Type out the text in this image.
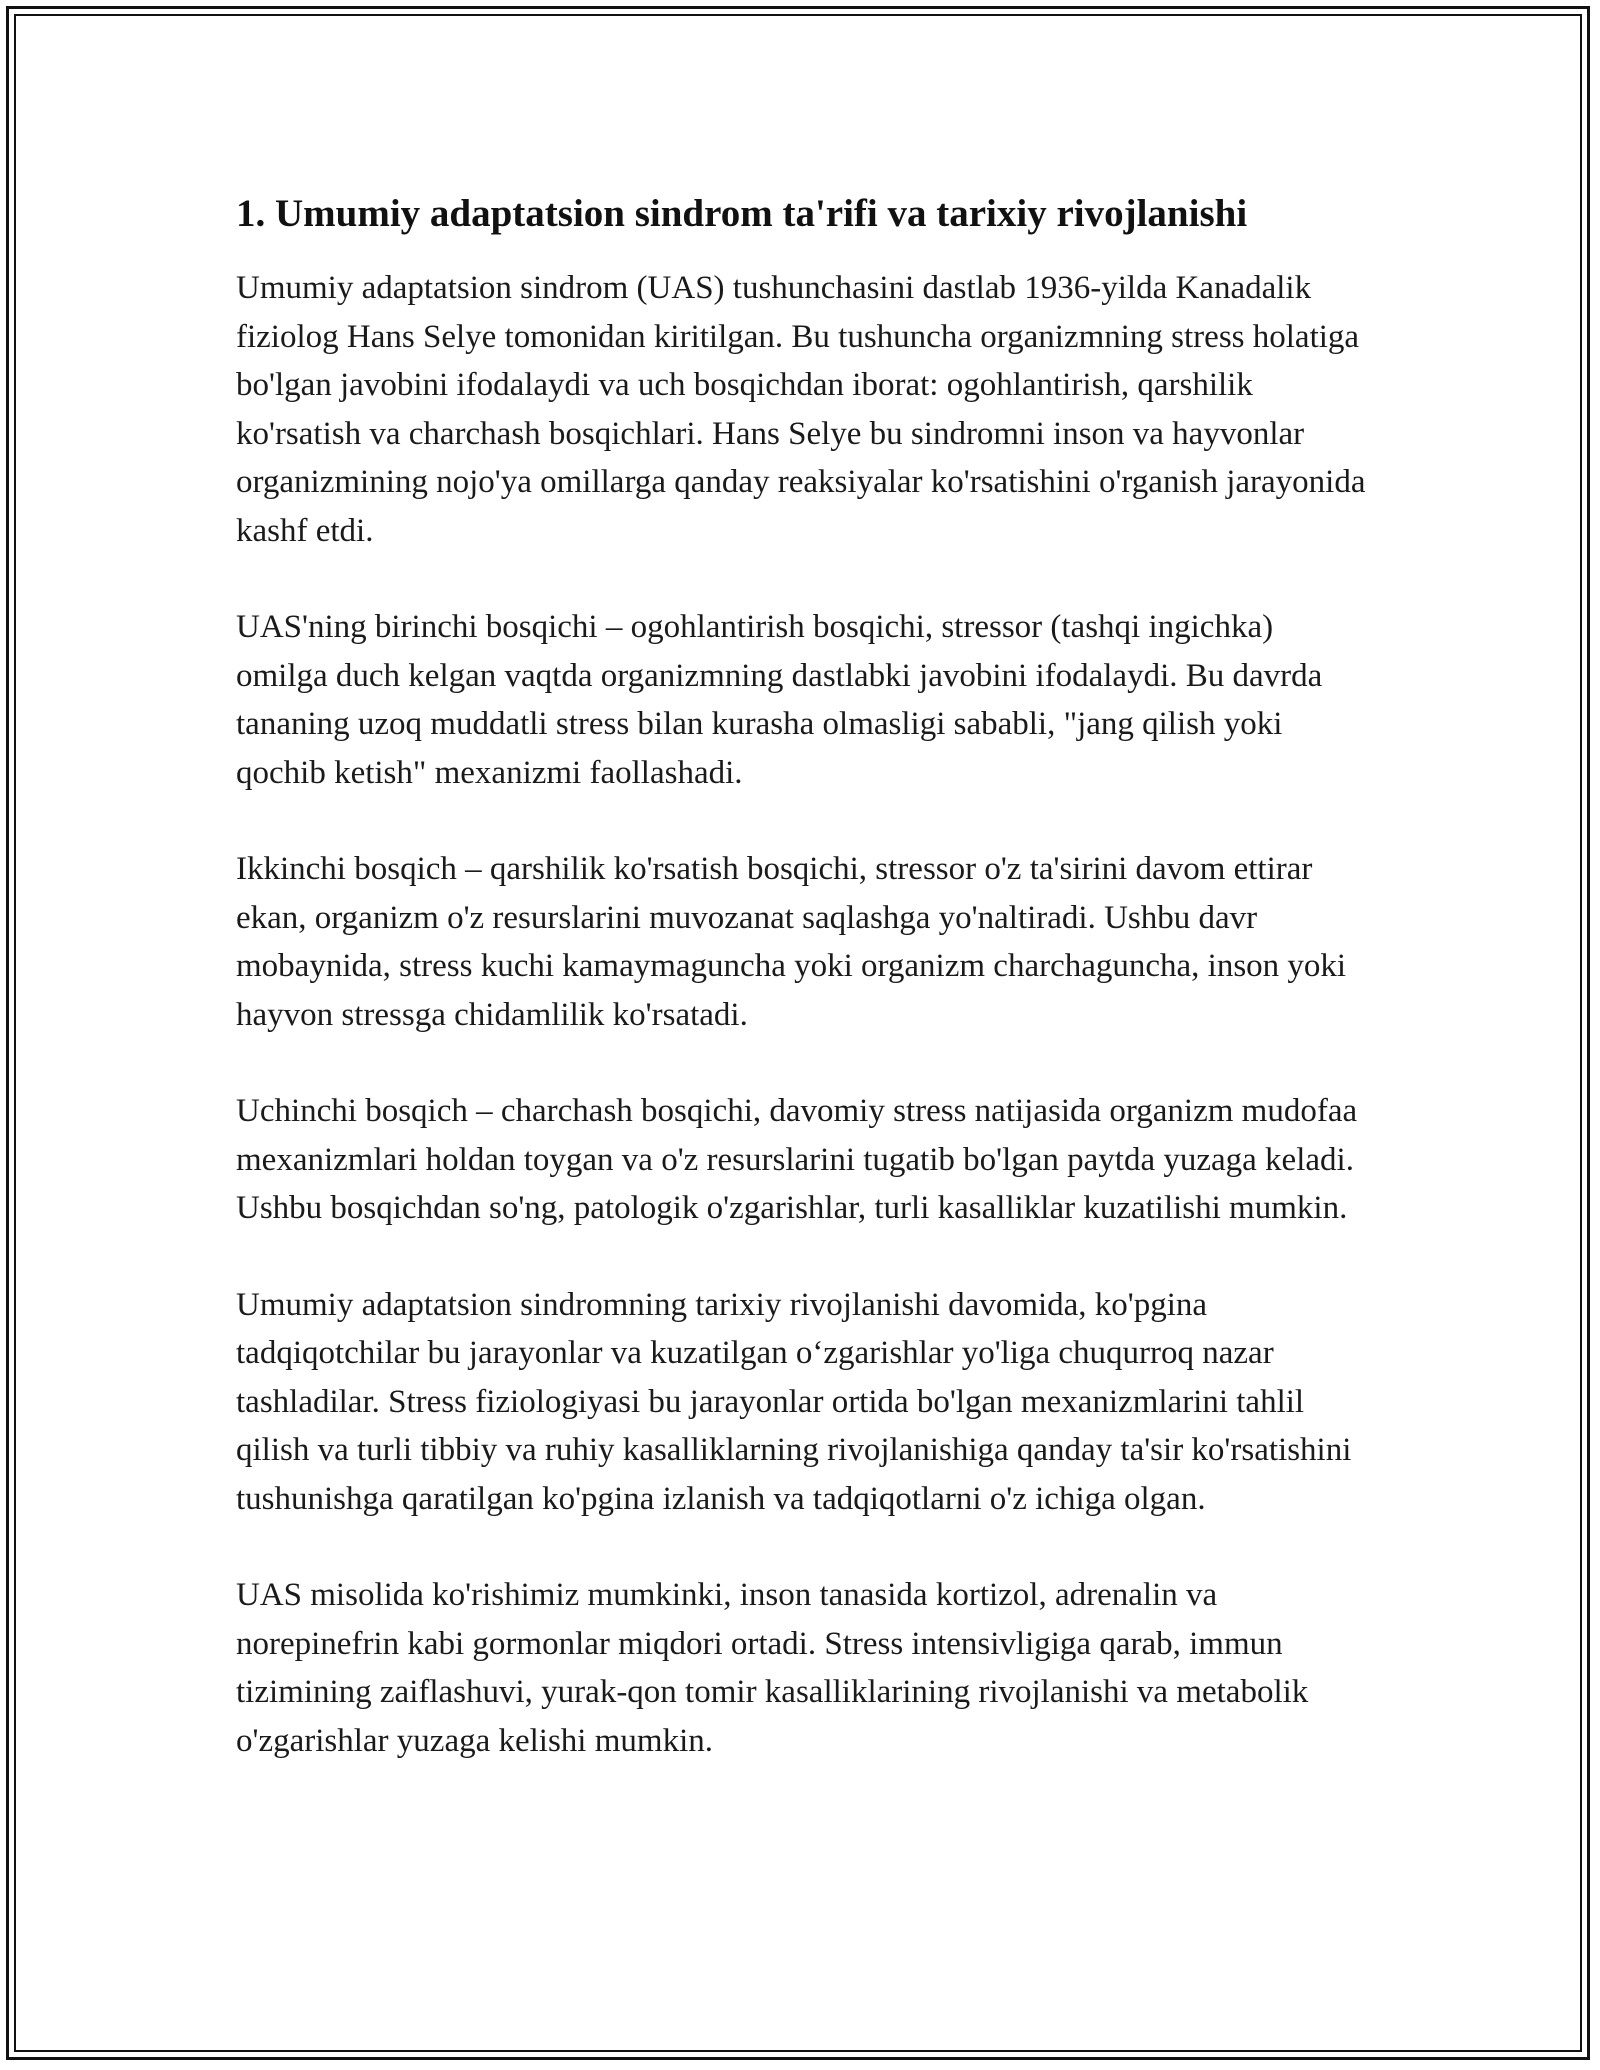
1. Umumiy adaptatsion sindrom ta'rifi va tarixiy rivojlanishi

Umumiy adaptatsion sindrom (UAS) tushunchasini dastlab 1936-yilda Kanadalik fiziolog Hans Selye tomonidan kiritilgan. Bu tushuncha organizmning stress holatiga bo'lgan javobini ifodalaydi va uch bosqichdan iborat: ogohlantirish, qarshilik ko'rsatish va charchash bosqichlari. Hans Selye bu sindromni inson va hayvonlar organizmining nojo'ya omillarga qanday reaksiyalar ko'rsatishini o'rganish jarayonida kashf etdi.

UAS'ning birinchi bosqichi – ogohlantirish bosqichi, stressor (tashqi ingichka) omilga duch kelgan vaqtda organizmning dastlabki javobini ifodalaydi. Bu davrda tananing uzoq muddatli stress bilan kurasha olmasligi sababli, "jang qilish yoki qochib ketish" mexanizmi faollashadi.

Ikkinchi bosqich – qarshilik ko'rsatish bosqichi, stressor o'z ta'sirini davom ettirar ekan, organizm o'z resurslarini muvozanat saqlashga yo'naltiradi. Ushbu davr mobaynida, stress kuchi kamaymaguncha yoki organizm charchaguncha, inson yoki hayvon stressga chidamlilik ko'rsatadi.

Uchinchi bosqich – charchash bosqichi, davomiy stress natijasida organizm mudofaa mexanizmlari holdan toygan va o'z resurslarini tugatib bo'lgan paytda yuzaga keladi. Ushbu bosqichdan so'ng, patologik o'zgarishlar, turli kasalliklar kuzatilishi mumkin.

Umumiy adaptatsion sindromning tarixiy rivojlanishi davomida, ko'pgina tadqiqotchilar bu jarayonlar va kuzatilgan o‘zgarishlar yo'liga chuqurroq nazar tashladilar. Stress fiziologiyasi bu jarayonlar ortida bo'lgan mexanizmlarini tahlil qilish va turli tibbiy va ruhiy kasalliklarning rivojlanishiga qanday ta'sir ko'rsatishini tushunishga qaratilgan ko'pgina izlanish va tadqiqotlarni o'z ichiga olgan.

UAS misolida ko'rishimiz mumkinki, inson tanasida kortizol, adrenalin va norepinefrin kabi gormonlar miqdori ortadi. Stress intensivligiga qarab, immun tizimining zaiflashuvi, yurak-qon tomir kasalliklarining rivojlanishi va metabolik o'zgarishlar yuzaga kelishi mumkin.
